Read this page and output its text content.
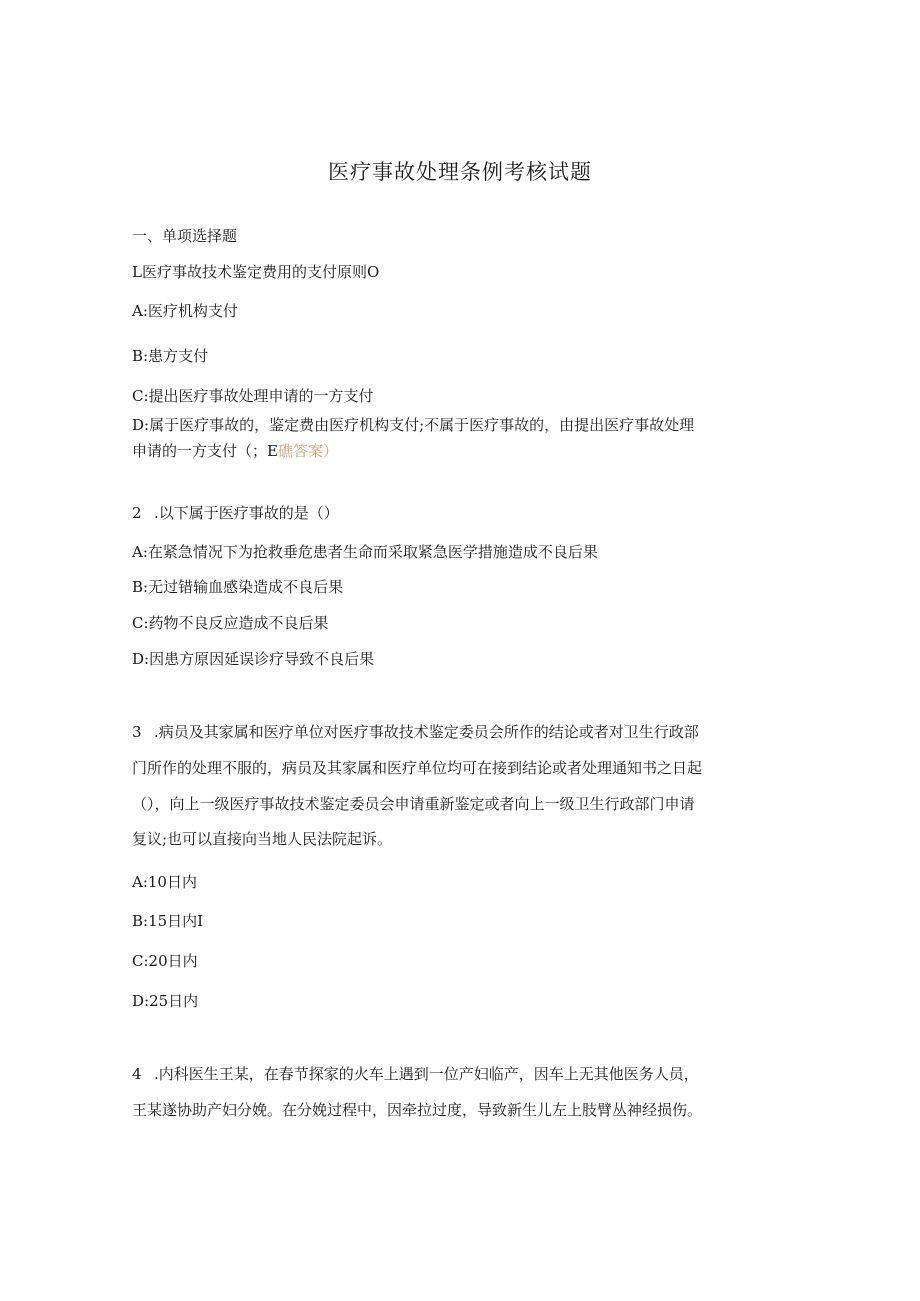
医疗事故处理条例考核试题
一、单项选择题
L医疗事故技术鉴定费用的支付原则O
A:医疗机构支付
B:患方支付
C:提出医疗事故处理申请的一方支付
D:属于医疗事故的，鉴定费由医疗机构支付;不属于医疗事故的，由提出医疗事故处理
申请的一方支付（；E礁答案）
2 .以下属于医疗事故的是（）
A:在紧急情况下为抢救垂危患者生命而采取紧急医学措施造成不良后果
B:无过错输血感染造成不良后果
C:药物不良反应造成不良后果
D:因患方原因延误诊疗导致不良后果
3 .病员及其家属和医疗单位对医疗事故技术鉴定委员会所作的结论或者对卫生行政部
门所作的处理不服的，病员及其家属和医疗单位均可在接到结论或者处理通知书之日起
（），向上一级医疗事故技术鉴定委员会申请重新鉴定或者向上一级卫生行政部门申请
复议;也可以直接向当地人民法院起诉。
A:10日内
B:15日内I
C:20日内
D:25日内
4 .内科医生王某，在春节探家的火车上遇到一位产妇临产，因车上无其他医务人员，
王某遂协助产妇分娩。在分娩过程中，因牵拉过度，导致新生儿左上肢臂丛神经损伤。
